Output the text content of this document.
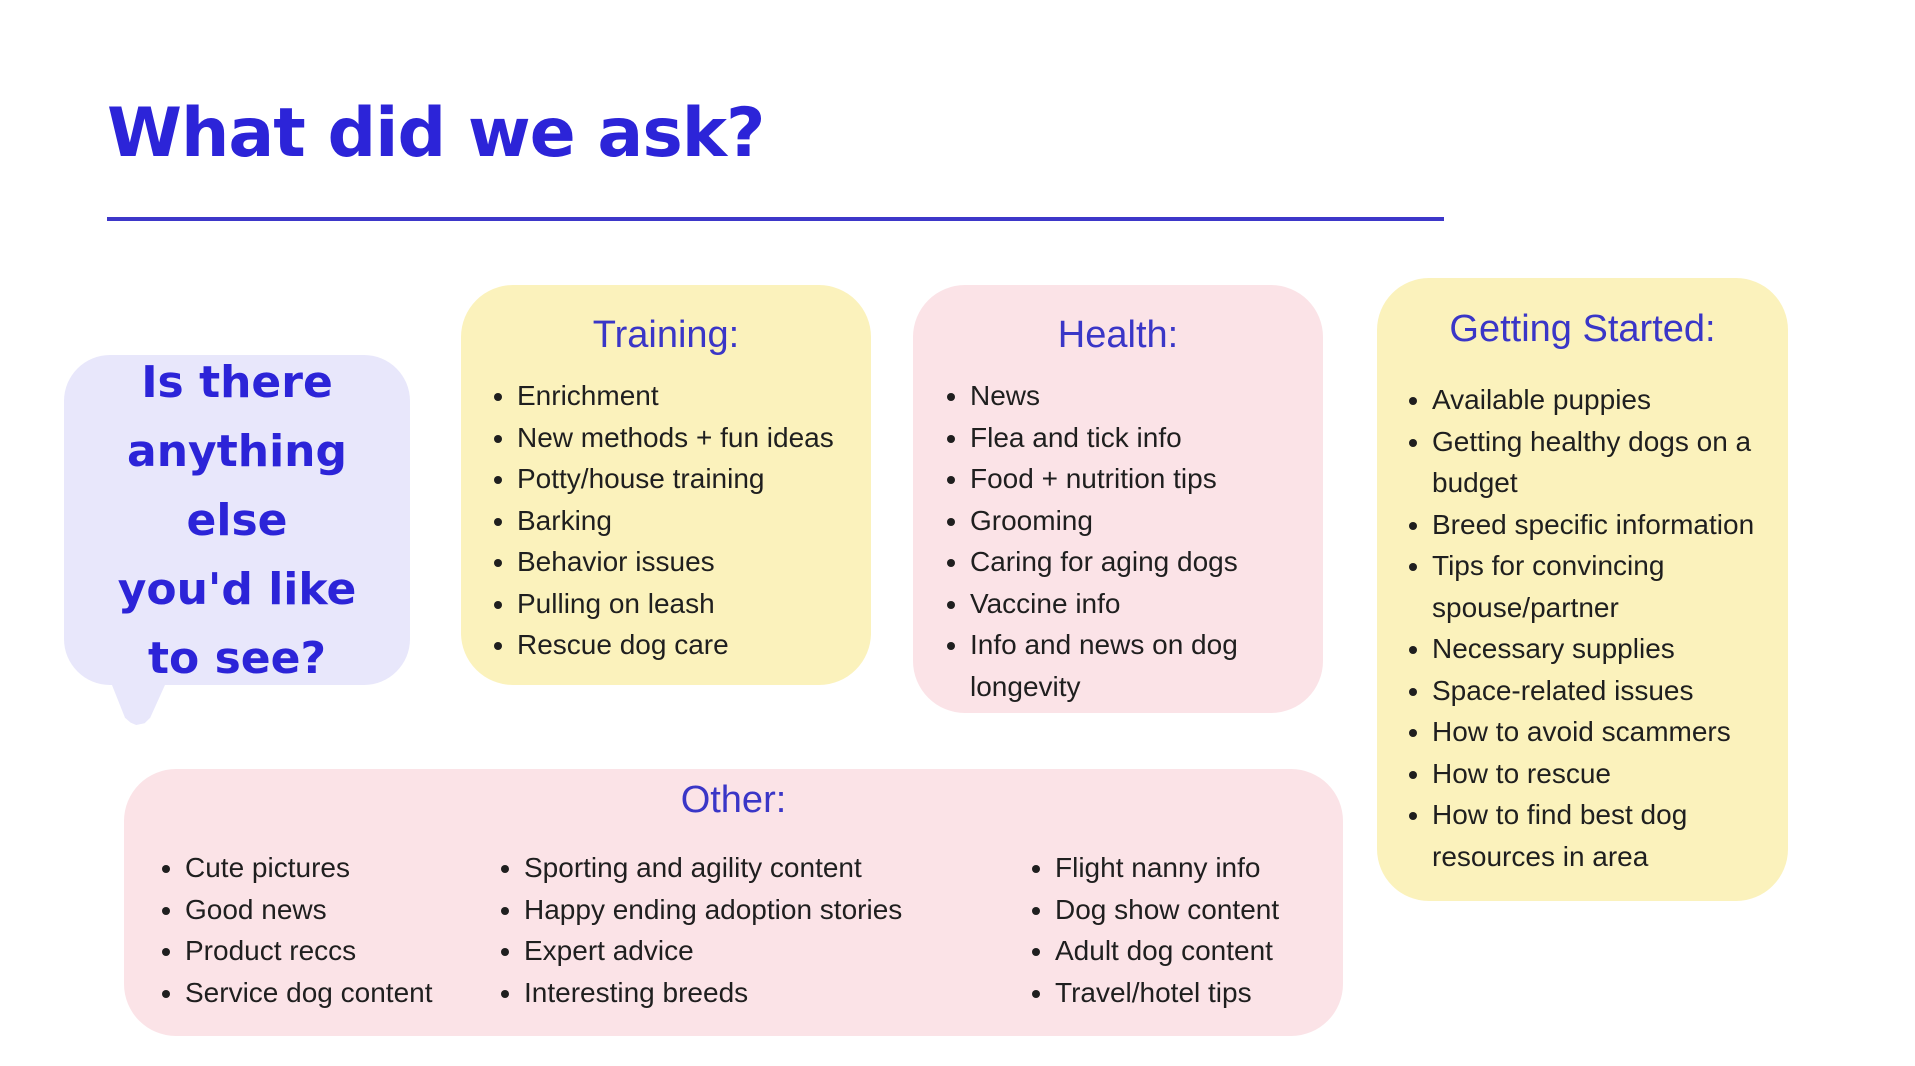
What did we ask?

Is there
anything else
you'd like
to see?

Training:
Enrichment
New methods + fun ideas
Potty/house training
Barking
Behavior issues
Pulling on leash
Rescue dog care
Health:
News
Flea and tick info
Food + nutrition tips
Grooming
Caring for aging dogs
Vaccine info
Info and news on dog longevity
Getting Started:
Available puppies
Getting healthy dogs on a budget
Breed specific information
Tips for convincing spouse/partner
Necessary supplies
Space-related issues
How to avoid scammers
How to rescue
How to find best dog resources in area
Other:
Cute pictures
Good news
Product reccs
Service dog content
Sporting and agility content
Happy ending adoption stories
Expert advice
Interesting breeds
Flight nanny info
Dog show content
Adult dog content
Travel/hotel tips
